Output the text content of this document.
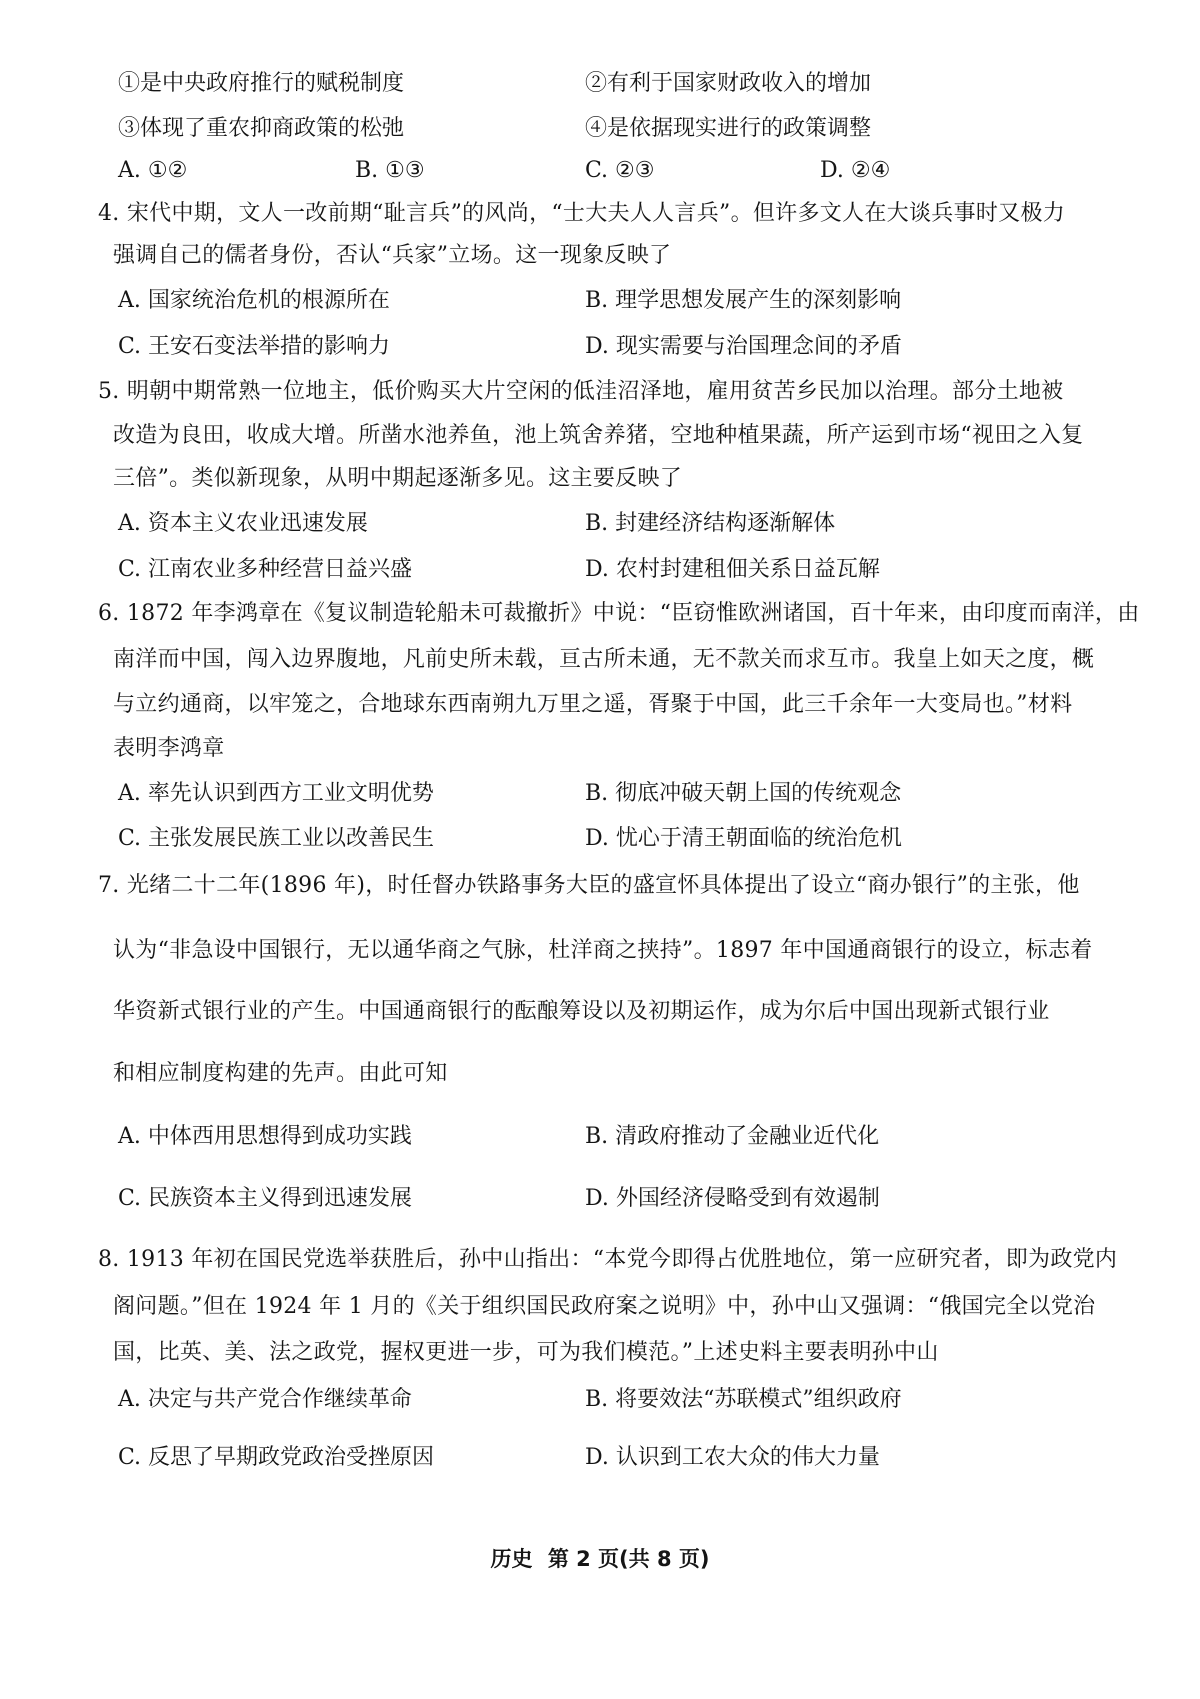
①是中央政府推行的赋税制度	②有利于国家财政收入的增加
③体现了重农抑商政策的松弛	④是依据现实进行的政策调整
A. ①②	B. ①③	C. ②③	D. ②④
4. 宋代中期，文人一改前期“耻言兵”的风尚，“士大夫人人言兵”。但许多文人在大谈兵事时又极力
强调自己的儒者身份，否认“兵家”立场。这一现象反映了
A. 国家统治危机的根源所在	B. 理学思想发展产生的深刻影响
C. 王安石变法举措的影响力	D. 现实需要与治国理念间的矛盾
5. 明朝中期常熟一位地主，低价购买大片空闲的低洼沼泽地，雇用贫苦乡民加以治理。部分土地被
改造为良田，收成大增。所凿水池养鱼，池上筑舍养猪，空地种植果蔬，所产运到市场“视田之入复
三倍”。类似新现象，从明中期起逐渐多见。这主要反映了
A. 资本主义农业迅速发展	B. 封建经济结构逐渐解体
C. 江南农业多种经营日益兴盛	D. 农村封建租佃关系日益瓦解
6. 1872 年李鸿章在《复议制造轮船未可裁撤折》中说：“臣窃惟欧洲诸国，百十年来，由印度而南洋，由
南洋而中国，闯入边界腹地，凡前史所未载，亘古所未通，无不款关而求互市。我皇上如天之度，概
与立约通商，以牢笼之，合地球东西南朔九万里之遥，胥聚于中国，此三千余年一大变局也。”材料
表明李鸿章
A. 率先认识到西方工业文明优势	B. 彻底冲破天朝上国的传统观念
C. 主张发展民族工业以改善民生	D. 忧心于清王朝面临的统治危机
7. 光绪二十二年(1896 年)，时任督办铁路事务大臣的盛宣怀具体提出了设立“商办银行”的主张，他
认为“非急设中国银行，无以通华商之气脉，杜洋商之挟持”。1897 年中国通商银行的设立，标志着
华资新式银行业的产生。中国通商银行的酝酿筹设以及初期运作，成为尔后中国出现新式银行业
和相应制度构建的先声。由此可知
A. 中体西用思想得到成功实践	B. 清政府推动了金融业近代化
C. 民族资本主义得到迅速发展	D. 外国经济侵略受到有效遏制
8. 1913 年初在国民党选举获胜后，孙中山指出：“本党今即得占优胜地位，第一应研究者，即为政党内
阁问题。”但在 1924 年 1 月的《关于组织国民政府案之说明》中，孙中山又强调：“俄国完全以党治
国，比英、美、法之政党，握权更进一步，可为我们模范。”上述史料主要表明孙中山
A. 决定与共产党合作继续革命	B. 将要效法“苏联模式”组织政府
C. 反思了早期政党政治受挫原因	D. 认识到工农大众的伟大力量
历史 第 2 页(共 8 页)
